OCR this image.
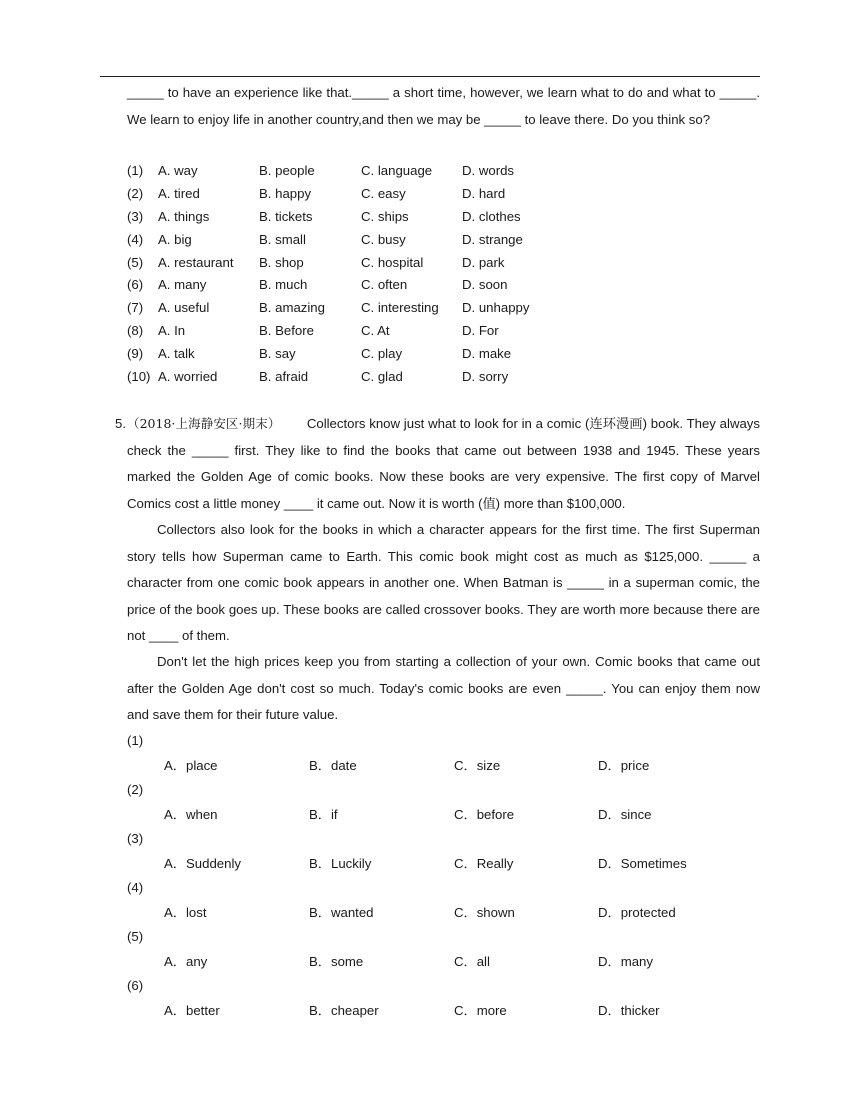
_____ to have an experience like that._____ a short time, however, we learn what to do and what to _____. We learn to enjoy life in another country,and then we may be _____ to leave there. Do you think so?

(1) A. way	B. people	C. language D. words
(2) A. tired	B. happy	C. easy	D. hard
(3) A. things	B. tickets	C. ships	D. clothes
(4) A. big	B. small	C. busy	D. strange
(5) A. restaurant B. shop	C. hospital	D. park
(6) A. many	B. much	C. often	D. soon
(7) A. useful	B. amazing	C. interesting D. unhappy
(8) A. In	B. Before	C. At	D. For
(9) A. talk	B. say	C. play	D. make
(10) A. worried	B. afraid	C. glad	D. sorry
5. （2018·上海静安区·期末） Collectors know just what to look for in a comic (连环漫画) book. They always check the _____ first. They like to find the books that came out between 1938 and 1945. These years marked the Golden Age of comic books. Now these books are very expensive. The first copy of Marvel Comics cost a little money ____ it came out. Now it is worth (值) more than $100,000.

Collectors also look for the books in which a character appears for the first time. The first Superman story tells how Superman came to Earth. This comic book might cost as much as $125,000. _____ a character from one comic book appears in another one. When Batman is _____ in a superman comic, the price of the book goes up. These books are called crossover books. They are worth more because there are not ____ of them.

Don't let the high prices keep you from starting a collection of your own. Comic books that came out after the Golden Age don't cost so much. Today's comic books are even _____. You can enjoy them now and save them for their future value.

(1)
A．place	B．date	C．size	D．price
(2)
A．when	B．if	C．before	D．since
(3)
A．Suddenly	B．Luckily	C．Really	D．Sometimes
(4)
A．lost	B．wanted	C．shown	D．protected
(5)
A．any	B．some	C．all	D．many
(6)
A．better	B．cheaper	C．more	D．thicker
